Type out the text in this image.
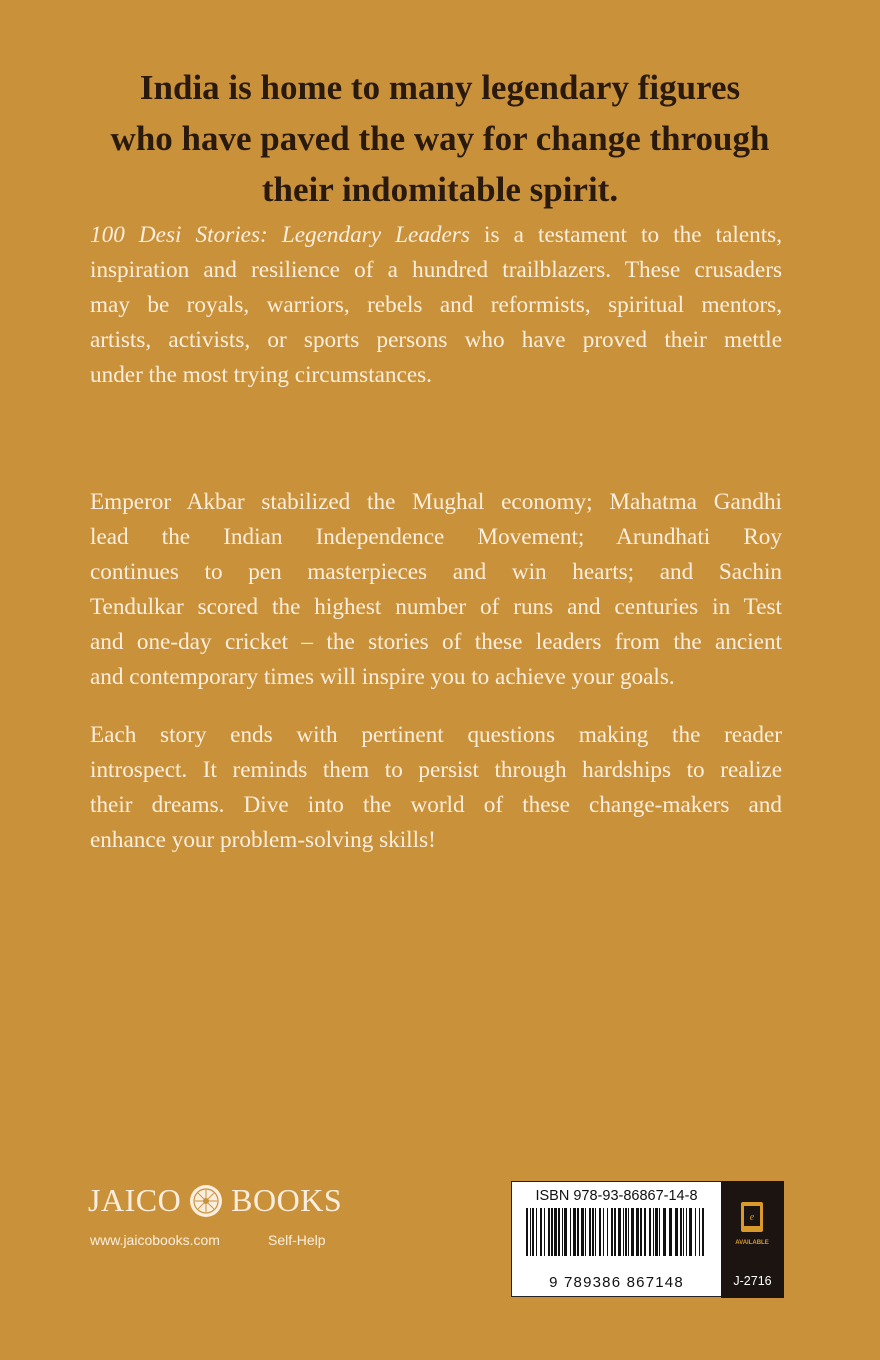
India is home to many legendary figures
who have paved the way for change through
their indomitable spirit.

100 Desi Stories: Legendary Leaders is a testament to the talents,
inspiration and resilience of a hundred trailblazers. These crusaders
may be royals, warriors, rebels and reformists, spiritual mentors,
artists, activists, or sports persons who have proved their mettle
under the most trying circumstances.

Emperor Akbar stabilized the Mughal economy; Mahatma Gandhi
lead the Indian Independence Movement; Arundhati Roy
continues to pen masterpieces and win hearts; and Sachin
Tendulkar scored the highest number of runs and centuries in Test
and one-day cricket – the stories of these leaders from the ancient
and contemporary times will inspire you to achieve your goals.

Each story ends with pertinent questions making the reader
introspect. It reminds them to persist through hardships to realize
their dreams. Dive into the world of these change-makers and
enhance your problem-solving skills!

JAICO BOOKS
www.jaicobooks.com	Self-Help
ISBN 978-93-86867-14-8
9 789386 867148
e
AVAILABLE
J-2716
